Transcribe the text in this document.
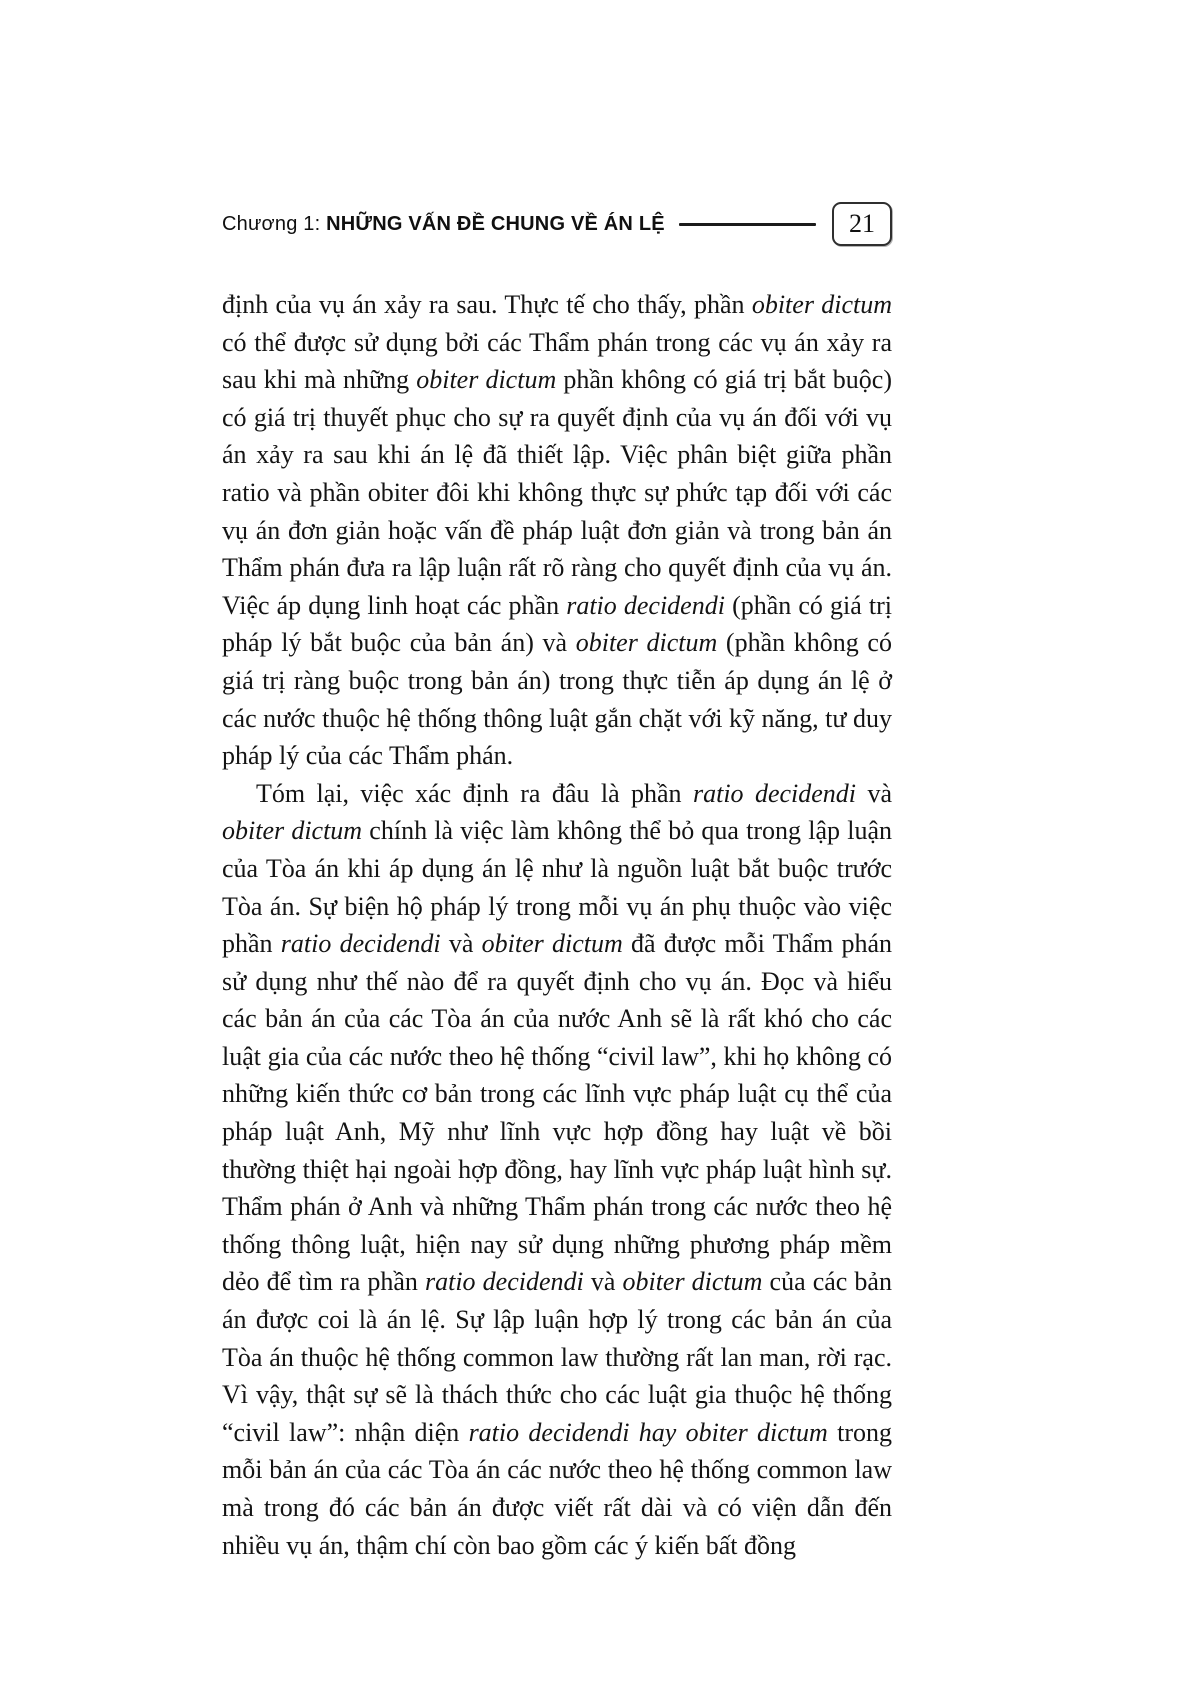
Chương 1: NHỮNG VẤN ĐỀ CHUNG VỀ ÁN LỆ	21

định của vụ án xảy ra sau. Thực tế cho thấy, phần obiter dictum có thể được sử dụng bởi các Thẩm phán trong các vụ án xảy ra sau khi mà những obiter dictum phần không có giá trị bắt buộc) có giá trị thuyết phục cho sự ra quyết định của vụ án đối với vụ án xảy ra sau khi án lệ đã thiết lập. Việc phân biệt giữa phần ratio và phần obiter đôi khi không thực sự phức tạp đối với các vụ án đơn giản hoặc vấn đề pháp luật đơn giản và trong bản án Thẩm phán đưa ra lập luận rất rõ ràng cho quyết định của vụ án. Việc áp dụng linh hoạt các phần ratio decidendi (phần có giá trị pháp lý bắt buộc của bản án) và obiter dictum (phần không có giá trị ràng buộc trong bản án) trong thực tiễn áp dụng án lệ ở các nước thuộc hệ thống thông luật gắn chặt với kỹ năng, tư duy pháp lý của các Thẩm phán.

Tóm lại, việc xác định ra đâu là phần ratio decidendi và obiter dictum chính là việc làm không thể bỏ qua trong lập luận của Tòa án khi áp dụng án lệ như là nguồn luật bắt buộc trước Tòa án. Sự biện hộ pháp lý trong mỗi vụ án phụ thuộc vào việc phần ratio decidendi và obiter dictum đã được mỗi Thẩm phán sử dụng như thế nào để ra quyết định cho vụ án. Đọc và hiểu các bản án của các Tòa án của nước Anh sẽ là rất khó cho các luật gia của các nước theo hệ thống “civil law”, khi họ không có những kiến thức cơ bản trong các lĩnh vực pháp luật cụ thể của pháp luật Anh, Mỹ như lĩnh vực hợp đồng hay luật về bồi thường thiệt hại ngoài hợp đồng, hay lĩnh vực pháp luật hình sự. Thẩm phán ở Anh và những Thẩm phán trong các nước theo hệ thống thông luật, hiện nay sử dụng những phương pháp mềm dẻo để tìm ra phần ratio decidendi và obiter dictum của các bản án được coi là án lệ. Sự lập luận hợp lý trong các bản án của Tòa án thuộc hệ thống common law thường rất lan man, rời rạc. Vì vậy, thật sự sẽ là thách thức cho các luật gia thuộc hệ thống “civil law”: nhận diện ratio decidendi hay obiter dictum trong mỗi bản án của các Tòa án các nước theo hệ thống common law mà trong đó các bản án được viết rất dài và có viện dẫn đến nhiều vụ án, thậm chí còn bao gồm các ý kiến bất đồng
